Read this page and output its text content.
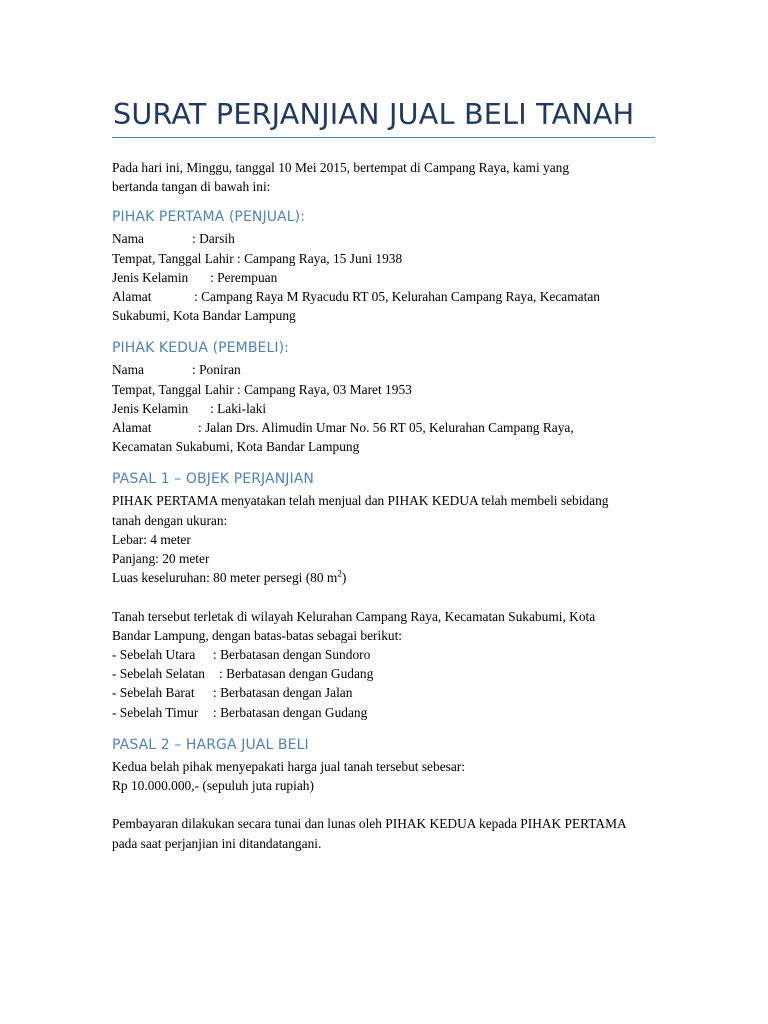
SURAT PERJANJIAN JUAL BELI TANAH

Pada hari ini, Minggu, tanggal 10 Mei 2015, bertempat di Campang Raya, kami yang bertanda tangan di bawah ini:

PIHAK PERTAMA (PENJUAL):
Nama	: Darsih
Tempat, Tanggal Lahir : Campang Raya, 15 Juni 1938
Jenis Kelamin	: Perempuan
Alamat	: Campang Raya M Ryacudu RT 05, Kelurahan Campang Raya, Kecamatan
Sukabumi, Kota Bandar Lampung
PIHAK KEDUA (PEMBELI):
Nama	: Poniran
Tempat, Tanggal Lahir : Campang Raya, 03 Maret 1953
Jenis Kelamin	: Laki-laki
Alamat	: Jalan Drs. Alimudin Umar No. 56 RT 05, Kelurahan Campang Raya,
Kecamatan Sukabumi, Kota Bandar Lampung
PASAL 1 – OBJEK PERJANJIAN
PIHAK PERTAMA menyatakan telah menjual dan PIHAK KEDUA telah membeli sebidang
tanah dengan ukuran:
Lebar: 4 meter
Panjang: 20 meter
Luas keseluruhan: 80 meter persegi (80 $m^2$)
Tanah tersebut terletak di wilayah Kelurahan Campang Raya, Kecamatan Sukabumi, Kota
Bandar Lampung, dengan batas-batas sebagai berikut:
- Sebelah Utara	: Berbatasan dengan Sundoro
- Sebelah Selatan	: Berbatasan dengan Gudang
- Sebelah Barat	: Berbatasan dengan Jalan
- Sebelah Timur	: Berbatasan dengan Gudang
PASAL 2 – HARGA JUAL BELI
Kedua belah pihak menyepakati harga jual tanah tersebut sebesar:
Rp 10.000.000,- (sepuluh juta rupiah)
Pembayaran dilakukan secara tunai dan lunas oleh PIHAK KEDUA kepada PIHAK PERTAMA
pada saat perjanjian ini ditandatangani.
